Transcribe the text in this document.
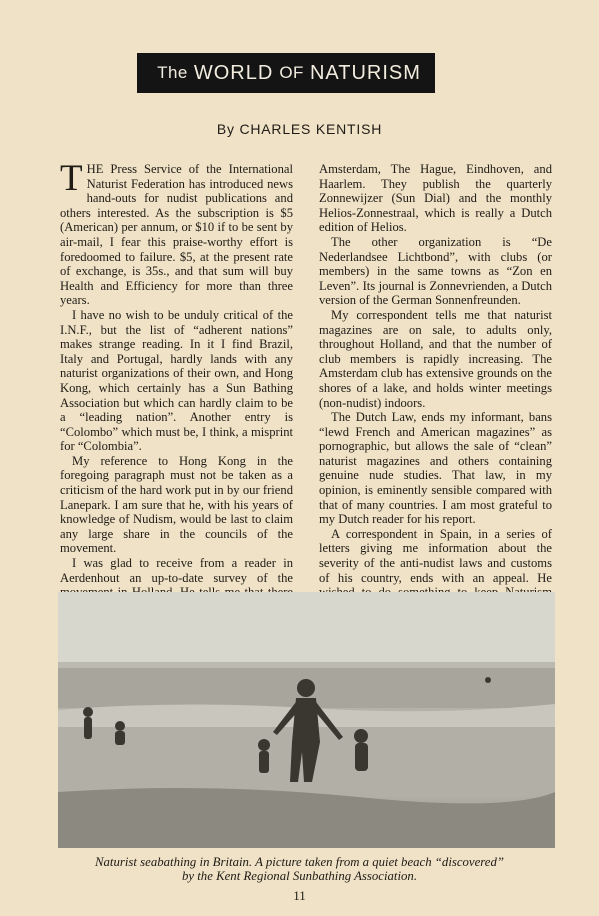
The WORLD OF NATURISM
By CHARLES KENTISH

THE Press Service of the International Naturist Federation has introduced news hand-outs for nudist publications and others interested. As the subscription is $5 (American) per annum, or $10 if to be sent by air-mail, I fear this praise-worthy effort is foredoomed to failure. $5, at the present rate of exchange, is 35s., and that sum will buy Health and Efficiency for more than three years.

I have no wish to be unduly critical of the I.N.F., but the list of “adherent nations” makes strange reading. In it I find Brazil, Italy and Portugal, hardly lands with any naturist organizations of their own, and Hong Kong, which certainly has a Sun Bathing Association but which can hardly claim to be a “leading nation”. Another entry is “Colombo” which must be, I think, a misprint for “Colombia”.

My reference to Hong Kong in the foregoing paragraph must not be taken as a criticism of the hard work put in by our friend Lanepark. I am sure that he, with his years of knowledge of Nudism, would be last to claim any large share in the councils of the movement.

I was glad to receive from a reader in Aerdenhout an up-to-date survey of the

Amsterdam, The Hague, Eindhoven, and Haarlem. They publish the quarterly Zonnewijzer (Sun Dial) and the monthly Helios-Zonnestraal, which is really a Dutch edition of Helios.

The other organization is “De Nederlandsee Lichtbond”, with clubs (or members) in the same towns as “Zon en Leven”. Its journal is Zonnevrienden, a Dutch version of the German Sonnenfreunden.

My correspondent tells me that naturist magazines are on sale, to adults only, throughout Holland, and that the number of club members is rapidly increasing. The Amsterdam club has extensive grounds on the shores of a lake, and holds winter meetings (non-nudist) indoors.

The Dutch Law, ends my informant, bans “lewd French and American magazines” as pornographic, but allows the sale of “clean” naturist magazines and others containing genuine nude studies. That law, in my opinion, is eminently sensible compared with that of many countries. I am most grateful to my Dutch reader for his report.

A correspondent in Spain, in a series of letters giving me information about the severity of the anti-nudist laws and customs of his country, ends with an appeal. He

Naturist seabathing in Britain. A picture taken from a quiet beach “discovered”
by the Kent Regional Sunbathing Association.
11
